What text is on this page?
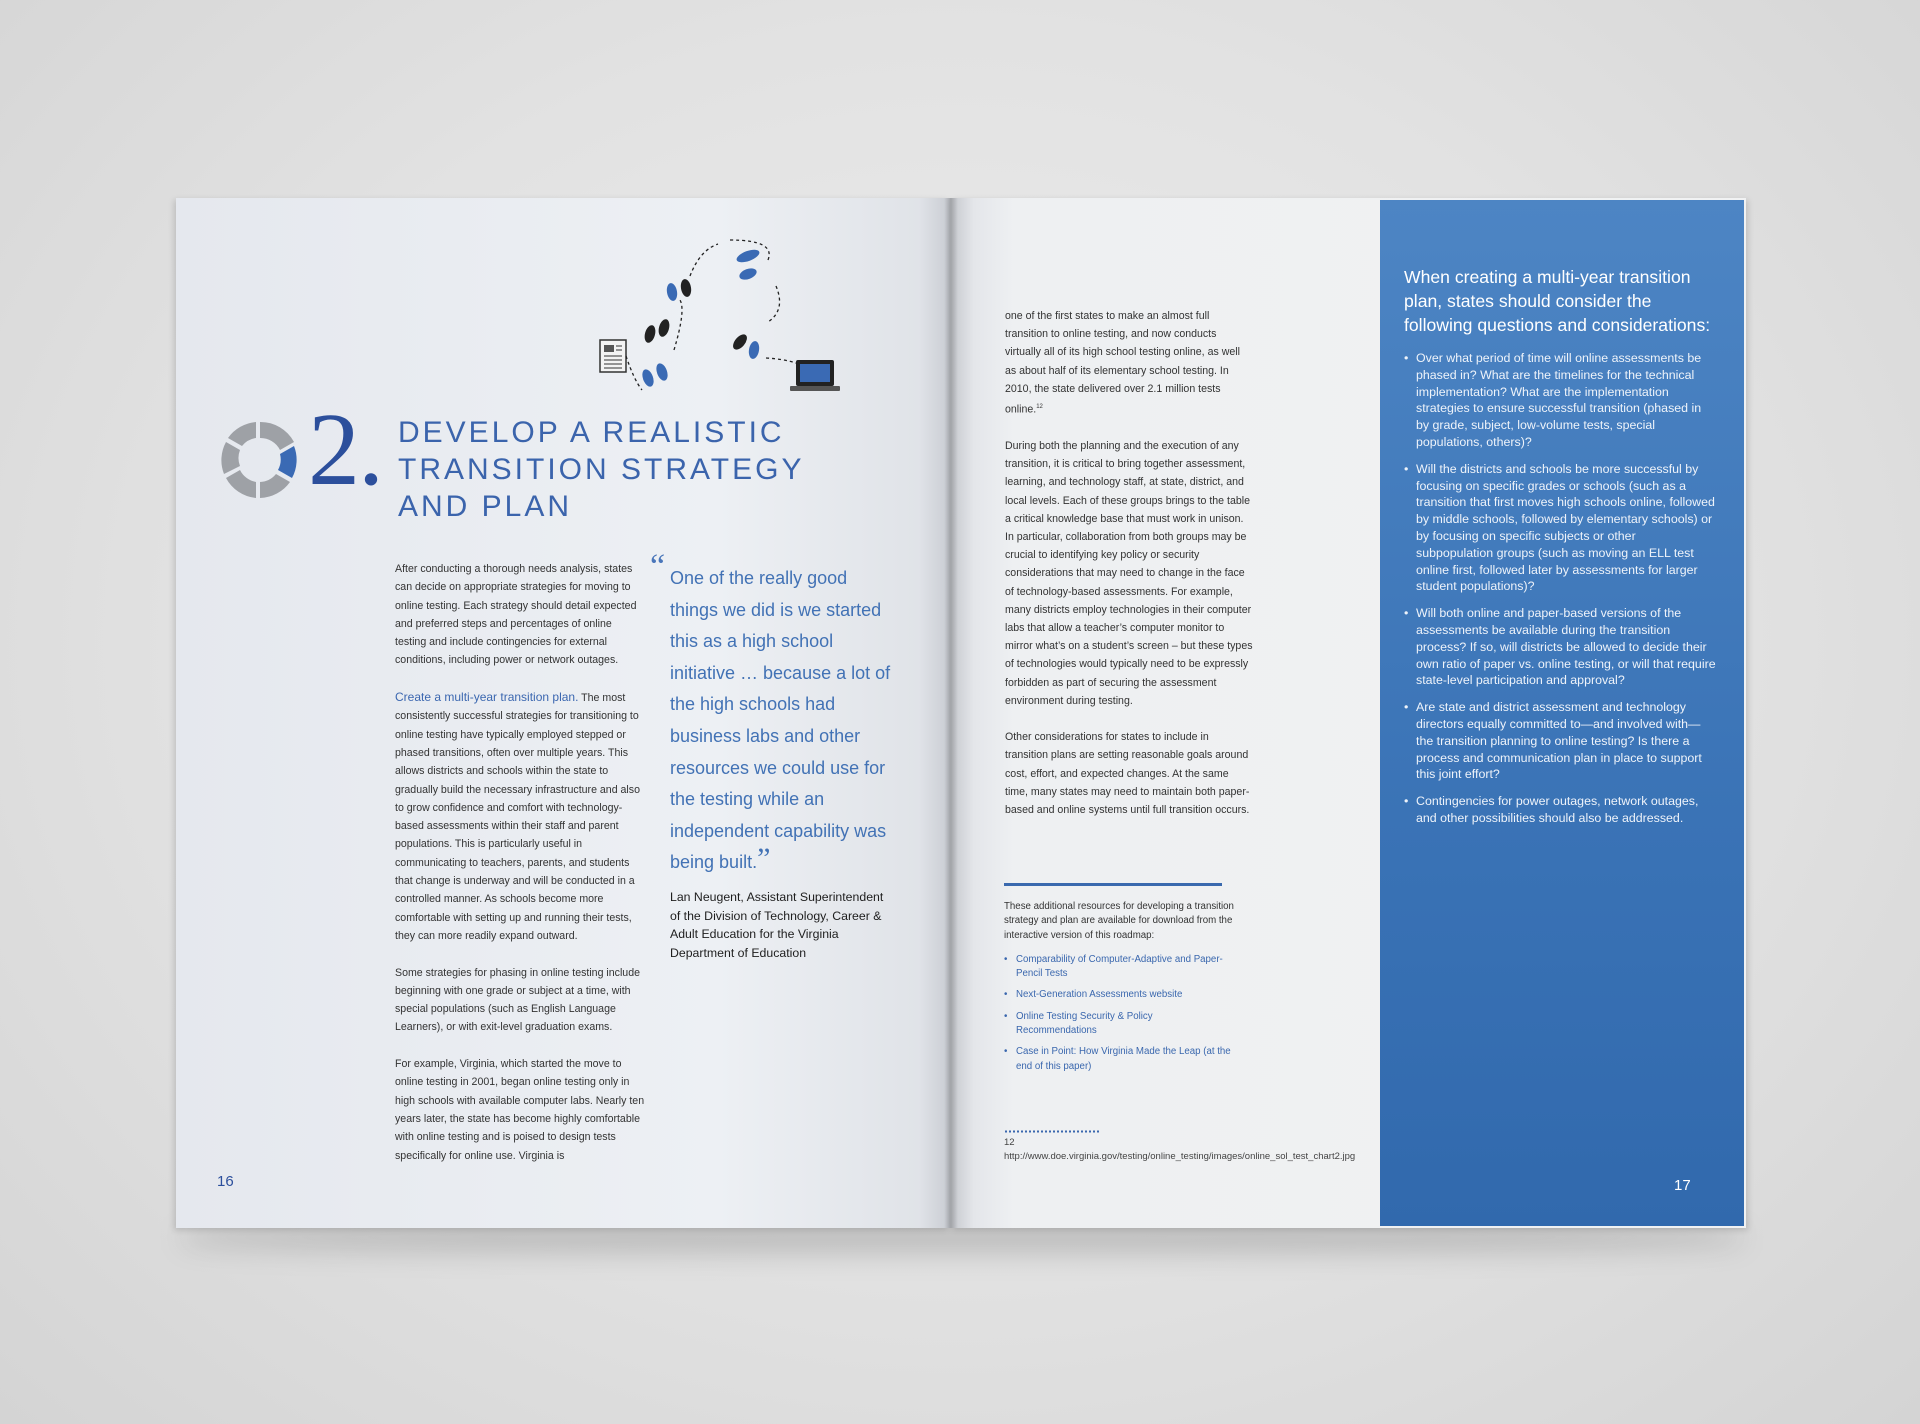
2. DEVELOP A REALISTIC
TRANSITION STRATEGY
AND PLAN

After conducting a thorough needs analysis, states can decide on appropriate strategies for moving to online testing. Each strategy should detail expected and preferred steps and percentages of online testing and include contingencies for external conditions, including power or network outages.

Create a multi-year transition plan. The most consistently successful strategies for transitioning to online testing have typically employed stepped or phased transitions, often over multiple years. This allows districts and schools within the state to gradually build the necessary infrastructure and also to grow confidence and comfort with technology-based assessments within their staff and parent populations. This is particularly useful in communicating to teachers, parents, and students that change is underway and will be conducted in a controlled manner. As schools become more comfortable with setting up and running their tests, they can more readily expand outward.

Some strategies for phasing in online testing include beginning with one grade or subject at a time, with special populations (such as English Language Learners), or with exit-level graduation exams.

For example, Virginia, which started the move to online testing in 2001, began online testing only in high schools with available computer labs. Nearly ten years later, the state has become highly comfortable with online testing and is poised to design tests specifically for online use. Virginia is

“ One of the really good things we did is we started this as a high school initiative … because a lot of the high schools had business labs and other resources we could use for the testing while an independent capability was being built.”
Lan Neugent, Assistant Superintendent of the Division of Technology, Career & Adult Education for the Virginia Department of Education
16

one of the first states to make an almost full transition to online testing, and now conducts virtually all of its high school testing online, as well as about half of its elementary school testing. In 2010, the state delivered over 2.1 million tests online.$^{12}$

During both the planning and the execution of any transition, it is critical to bring together assessment, learning, and technology staff, at state, district, and local levels. Each of these groups brings to the table a critical knowledge base that must work in unison. In particular, collaboration from both groups may be crucial to identifying key policy or security considerations that may need to change in the face of technology-based assessments. For example, many districts employ technologies in their computer labs that allow a teacher’s computer monitor to mirror what’s on a student’s screen – but these types of technologies would typically need to be expressly forbidden as part of securing the assessment environment during testing.

Other considerations for states to include in transition plans are setting reasonable goals around cost, effort, and expected changes. At the same time, many states may need to maintain both paper-based and online systems until full transition occurs.

These additional resources for developing a transition strategy and plan are available for download from the interactive version of this roadmap:
• Comparability of Computer-Adaptive and Paper-Pencil Tests
• Next-Generation Assessments website
• Online Testing Security & Policy Recommendations
• Case in Point: How Virginia Made the Leap (at the end of this paper)
12 http://www.doe.virginia.gov/testing/online_testing/images/online_sol_test_chart2.jpg
When creating a multi-year transition plan, states should consider the following questions and considerations:
• Over what period of time will online assessments be phased in? What are the timelines for the technical implementation? What are the implementation strategies to ensure successful transition (phased in by grade, subject, low-volume tests, special populations, others)?
• Will the districts and schools be more successful by focusing on specific grades or schools (such as a transition that first moves high schools online, followed by middle schools, followed by elementary schools) or by focusing on specific subjects or other subpopulation groups (such as moving an ELL test online first, followed later by assessments for larger student populations)?
• Will both online and paper-based versions of the assessments be available during the transition process? If so, will districts be allowed to decide their own ratio of paper vs. online testing, or will that require state-level participation and approval?
• Are state and district assessment and technology directors equally committed to—and involved with—the transition planning to online testing? Is there a process and communication plan in place to support this joint effort?
• Contingencies for power outages, network outages, and other possibilities should also be addressed.
17
